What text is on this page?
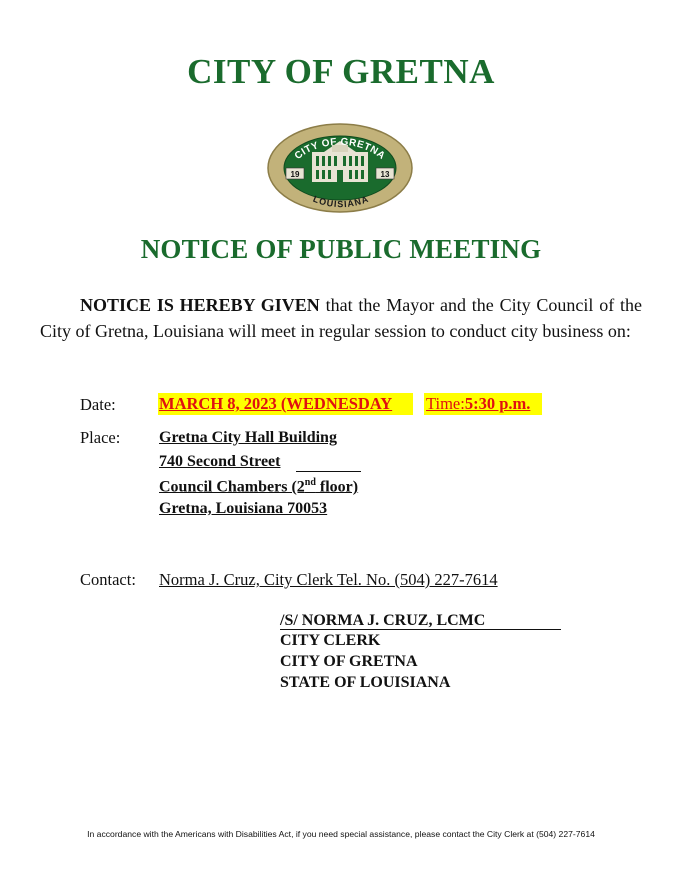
CITY OF GRETNA
CITY OF GRETNA
LOUISIANA
19	13
NOTICE OF PUBLIC MEETING
NOTICE IS HEREBY GIVEN that the Mayor and the City Council of the City of Gretna, Louisiana will meet in regular session to conduct city business on:
Date:	MARCH 8, 2023 (WEDNESDAY Time:5:30 p.m.
Place: Gretna City Hall Building
740 Second Street
Council Chambers (2nd floor)
Gretna, Louisiana 70053
Contact: Norma J. Cruz, City Clerk Tel. No. (504) 227-7614
/S/ NORMA J. CRUZ, LCMC
CITY CLERK
CITY OF GRETNA
STATE OF LOUISIANA
In accordance with the Americans with Disabilities Act, if you need special assistance, please contact the City Clerk at (504) 227-7614
